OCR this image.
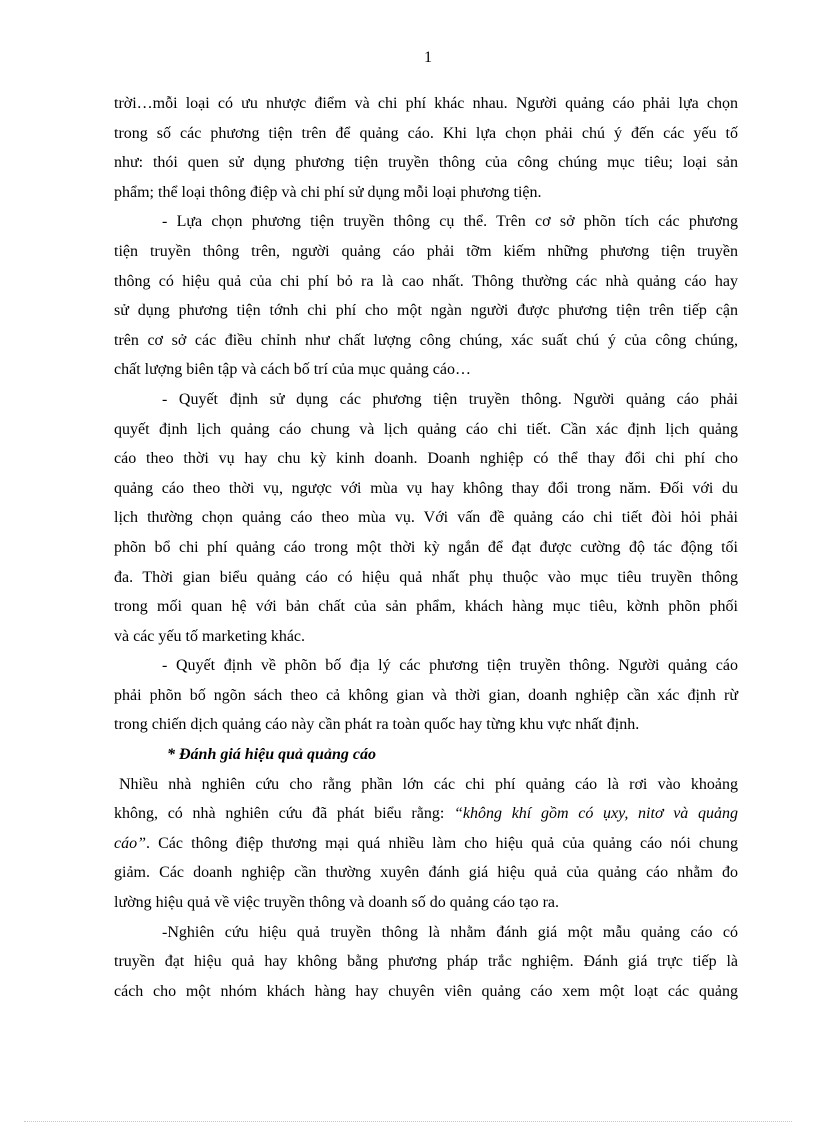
1
trời…mỗi loại có ưu nhược điểm và chi phí khác nhau. Người quảng cáo phải lựa chọn
trong số các phương tiện trên để quảng cáo. Khi lựa chọn phải chú ý đến các yếu tố
như: thói quen sử dụng phương tiện truyền thông của công chúng mục tiêu; loại sản
phẩm; thể loại thông điệp và chi phí sử dụng mỗi loại phương tiện.
- Lựa chọn phương tiện truyền thông cụ thể. Trên cơ sở phõn tích các phương
tiện truyền thông trên, người quảng cáo phải tỡm kiếm những phương tiện truyền
thông có hiệu quả của chi phí bỏ ra là cao nhất. Thông thường các nhà quảng cáo hay
sử dụng phương tiện tớnh chi phí cho một ngàn người được phương tiện trên tiếp cận
trên cơ sở các điều chỉnh như chất lượng công chúng, xác suất chú ý của công chúng,
chất lượng biên tập và cách bố trí của mục quảng cáo…
- Quyết định sử dụng các phương tiện truyền thông. Người quảng cáo phải
quyết định lịch quảng cáo chung và lịch quảng cáo chi tiết. Cần xác định lịch quảng
cáo theo thời vụ hay chu kỳ kinh doanh. Doanh nghiệp có thể thay đổi chi phí cho
quảng cáo theo thời vụ, ngược với mùa vụ hay không thay đổi trong năm. Đối với du
lịch thường chọn quảng cáo theo mùa vụ. Với vấn đề quảng cáo chi tiết đòi hỏi phải
phõn bổ chi phí quảng cáo trong một thời kỳ ngắn để đạt được cường độ tác động tối
đa. Thời gian biểu quảng cáo có hiệu quả nhất phụ thuộc vào mục tiêu truyền thông
trong mối quan hệ với bản chất của sản phẩm, khách hàng mục tiêu, kờnh phõn phối
và các yếu tố marketing khác.
- Quyết định về phõn bố địa lý các phương tiện truyền thông. Người quảng cáo
phải phõn bố ngõn sách theo cả không gian và thời gian, doanh nghiệp cần xác định rừ
trong chiến dịch quảng cáo này cần phát ra toàn quốc hay từng khu vực nhất định.
* Đánh giá hiệu quả quảng cáo
Nhiều nhà nghiên cứu cho rằng phần lớn các chi phí quảng cáo là rơi vào khoảng
không, có nhà nghiên cứu đã phát biểu rằng: “không khí gồm có ụxy, nitơ và quảng
cáo”. Các thông điệp thương mại quá nhiều làm cho hiệu quả của quảng cáo nói chung
giảm. Các doanh nghiệp cần thường xuyên đánh giá hiệu quả của quảng cáo nhằm đo
lường hiệu quả về việc truyền thông và doanh số do quảng cáo tạo ra.
-Nghiên cứu hiệu quả truyền thông là nhằm đánh giá một mẫu quảng cáo có
truyền đạt hiệu quả hay không bằng phương pháp trắc nghiệm. Đánh giá trực tiếp là
cách cho một nhóm khách hàng hay chuyên viên quảng cáo xem một loạt các quảng
